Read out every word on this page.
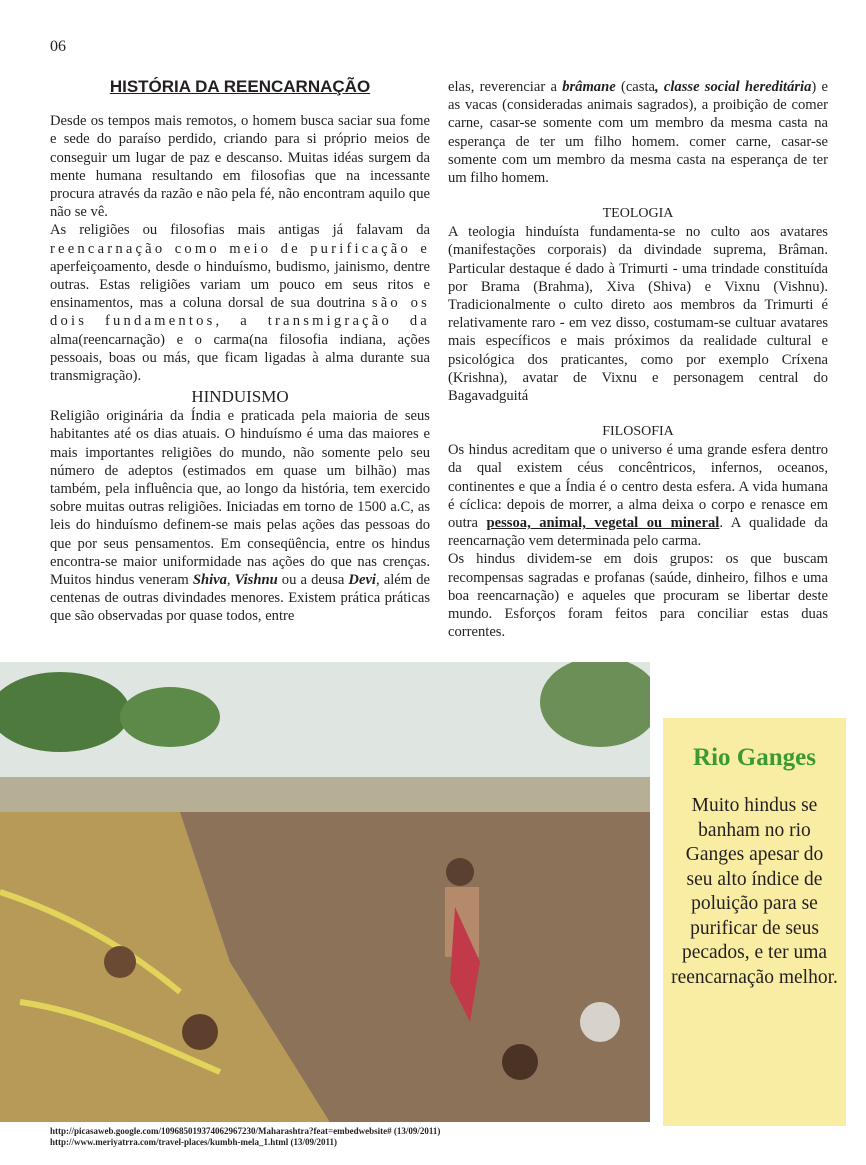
06
HISTÓRIA DA REENCARNAÇÃO

Desde os tempos mais remotos, o homem busca saciar sua fome e sede do paraíso perdido, criando para si próprio meios de conseguir um lugar de paz e descanso. Muitas idéas surgem da mente humana resultando em filosofias que na incessante procura através da razão e não pela fé, não encontram aquilo que não se vê.

As religiões ou filosofias mais antigas já falavam da reencarnação como meio de purificação e aperfeiçoamento, desde o hinduísmo, budismo, jainismo, dentre outras. Estas religiões variam um pouco em seus ritos e ensinamentos, mas a coluna dorsal de sua doutrina são os dois fundamentos, a transmigração da alma(reencarnação) e o carma(na filosofia indiana, ações pessoais, boas ou más, que ficam ligadas à alma durante sua transmigração).

HINDUISMO

Religião originária da Índia e praticada pela maioria de seus habitantes até os dias atuais. O hinduísmo é uma das maiores e mais importantes religiões do mundo, não somente pelo seu número de adeptos (estimados em quase um bilhão) mas também, pela influência que, ao longo da história, tem exercido sobre muitas outras religiões. Iniciadas em torno de 1500 a.C, as leis do hinduísmo definem-se mais pelas ações das pessoas do que por seus pensamentos. Em conseqüência, entre os hindus encontra-se maior uniformidade nas ações do que nas crenças. Muitos hindus veneram Shiva, Vishnu ou a deusa Devi, além de centenas de outras divindades menores. Existem prática práticas que são observadas por quase todos, entre

elas, reverenciar a brâmane (casta, classe social hereditária) e as vacas (consideradas animais sagrados), a proibição de comer carne, casar-se somente com um membro da mesma casta na esperança de ter um filho homem. comer carne, casar-se somente com um membro da mesma casta na esperança de ter um filho homem.

TEOLOGIA

A teologia hinduísta fundamenta-se no culto aos avatares (manifestações corporais) da divindade suprema, Brâman. Particular destaque é dado à Trimurti - uma trindade constituída por Brama (Brahma), Xiva (Shiva) e Vixnu (Vishnu). Tradicionalmente o culto direto aos membros da Trimurti é relativamente raro - em vez disso, costumam-se cultuar avatares mais específicos e mais próximos da realidade cultural e psicológica dos praticantes, como por exemplo Críxena (Krishna), avatar de Vixnu e personagem central do Bagavadguitá

FILOSOFIA

Os hindus acreditam que o universo é uma grande esfera dentro da qual existem céus concêntricos, infernos, oceanos, continentes e que a Índia é o centro desta esfera. A vida humana é cíclica: depois de morrer, a alma deixa o corpo e renasce em outra pessoa, animal, vegetal ou mineral. A qualidade da reencarnação vem determinada pelo carma.

Os hindus dividem-se em dois grupos: os que buscam recompensas sagradas e profanas (saúde, dinheiro, filhos e uma boa reencarnação) e aqueles que procuram se libertar deste mundo. Esforços foram feitos para conciliar estas duas correntes.

Rio Ganges

Muito hindus se banham no rio Ganges apesar do seu alto índice de poluição para se purificar de seus pecados, e ter uma reencarnação melhor.

http://picasaweb.google.com/109685019374062967230/Maharashtra?feat=embedwebsite# (13/09/2011)
http://www.meriyatrra.com/travel-places/kumbh-mela_1.html (13/09/2011)
